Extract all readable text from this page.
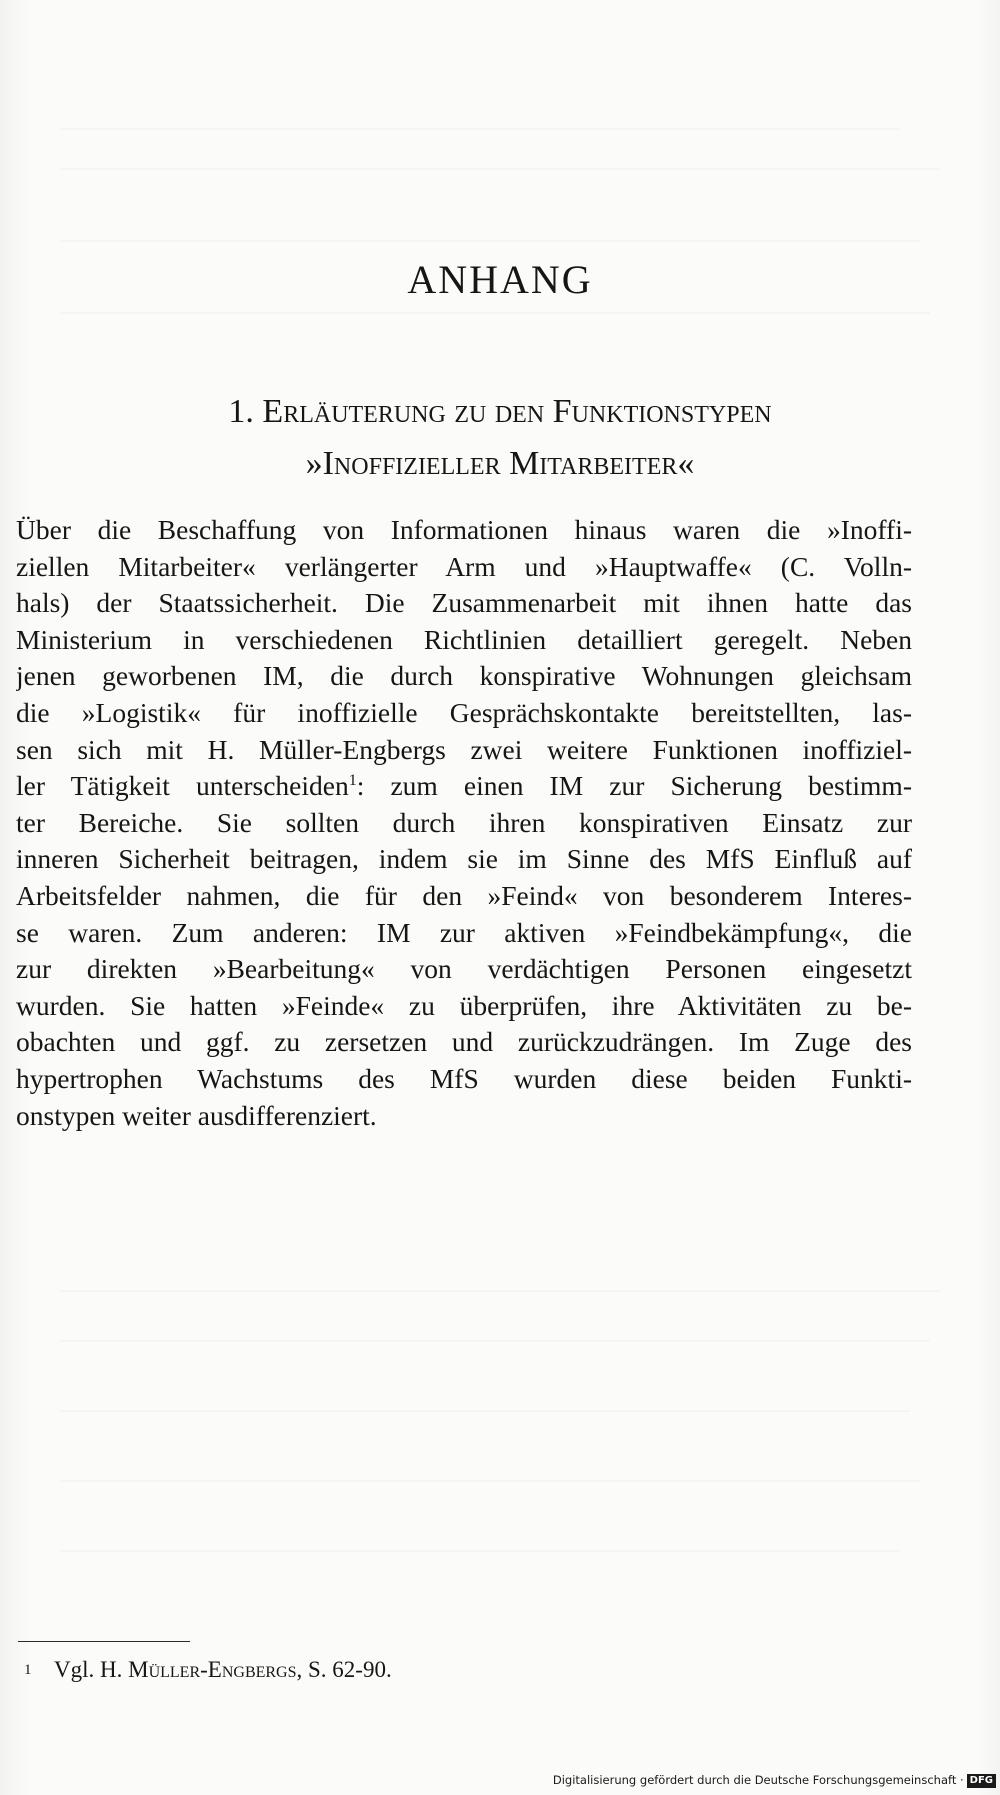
ANHANG
1. Erläuterung zu den Funktionstypen
»Inoffizieller Mitarbeiter«
Über die Beschaffung von Informationen hinaus waren die »Inoffi-
ziellen Mitarbeiter« verlängerter Arm und »Hauptwaffe« (C. Volln-
hals) der Staatssicherheit. Die Zusammenarbeit mit ihnen hatte das
Ministerium in verschiedenen Richtlinien detailliert geregelt. Neben
jenen geworbenen IM, die durch konspirative Wohnungen gleichsam
die »Logistik« für inoffizielle Gesprächskontakte bereitstellten, las-
sen sich mit H. Müller-Engbergs zwei weitere Funktionen inoffiziel-
ler Tätigkeit unterscheiden$^1$: zum einen IM zur Sicherung bestimm-
ter Bereiche. Sie sollten durch ihren konspirativen Einsatz zur
inneren Sicherheit beitragen, indem sie im Sinne des MfS Einfluß auf
Arbeitsfelder nahmen, die für den »Feind« von besonderem Interes-
se waren. Zum anderen: IM zur aktiven »Feindbekämpfung«, die
zur direkten »Bearbeitung« von verdächtigen Personen eingesetzt
wurden. Sie hatten »Feinde« zu überprüfen, ihre Aktivitäten zu be-
obachten und ggf. zu zersetzen und zurückzudrängen. Im Zuge des
hypertrophen Wachstums des MfS wurden diese beiden Funkti-
onstypen weiter ausdifferenziert.
1 Vgl. H. Müller-Engbergs, S. 62-90.
Digitalisierung gefördert durch die Deutsche Forschungsgemeinschaft · DFG
